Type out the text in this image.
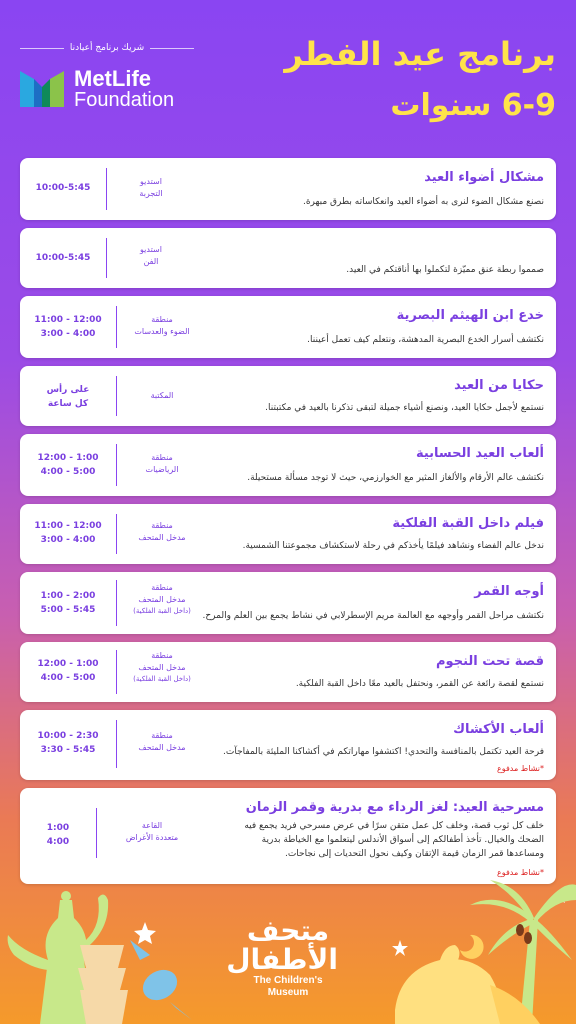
شريك برنامج أعيادنا
MetLife
Foundation
برنامج عيد الفطر
6-9 سنوات
مشكال أضواء العيد
نصنع مشكال الضوء لنرى به أضواء العيد وانعكاساته بطرق مبهرة.
استديو
التجربة
10:00-5:45
صمموا ربطة عنق مميّزة لتكملوا بها أناقتكم في العيد.
استديو
الفن
10:00-5:45
خدع ابن الهيثم البصرية
نكتشف أسرار الخدع البصرية المدهشة، ونتعلم كيف تعمل أعيننا.
منطقة
الضوء والعدسات
11:00 - 12:00
3:00 - 4:00
حكايا من العيد
نستمع لأجمل حكايا العيد، ونصنع أشياء جميلة لتبقى تذكرنا بالعيد في مكتبتنا.
المكتبة
على رأس
كل ساعة
ألعاب العيد الحسابية
نكتشف عالم الأرقام والألغاز المثير مع الخوارزمي، حيث لا توجد مسألة مستحيلة.
منطقة
الرياضيات
12:00 - 1:00
4:00 - 5:00
فيلم داخل القبة الفلكية
ندخل عالم الفضاء ونشاهد فيلمًا يأخذكم في رحلة لاستكشاف مجموعتنا الشمسية.
منطقة
مدخل المتحف
11:00 - 12:00
3:00 - 4:00
أوجه القمر
نكتشف مراحل القمر وأوجهه مع العالمة مريم الإسطرلابي في نشاط يجمع بين العلم والمرح.
منطقة
مدخل المتحف
(داخل القبة الفلكية)
1:00 - 2:00
5:00 - 5:45
قصة تحت النجوم
نستمع لقصة رائعة عن القمر، ونحتفل بالعيد معًا داخل القبة الفلكية.
منطقة
مدخل المتحف
(داخل القبة الفلكية)
12:00 - 1:00
4:00 - 5:00
ألعاب الأكشاك
فرحة العيد تكتمل بالمنافسة والتحدي! اكتشفوا مهاراتكم في أكشاكنا المليئة بالمفاجآت.
*نشاط مدفوع
منطقة
مدخل المتحف
10:00 - 2:30
3:30 - 5:45
مسرحية العيد: لغز الرداء مع بدرية وقمر الزمان
خلف كل ثوب قصة، وخلف كل عمل متقن سرًا في عرض مسرحي فريد يجمع فيه
الضحك والخيال. تأخذ أطفالكم إلى أسواق الأندلس ليتعلموا مع الخياطة بدرية
ومساعدها قمر الزمان قيمة الإتقان وكيف نحول التحديات إلى نجاحات.
*نشاط مدفوع
القاعة
متعددة الأغراض
1:00
4:00
متحف الأطفال
The Children's
Museum
